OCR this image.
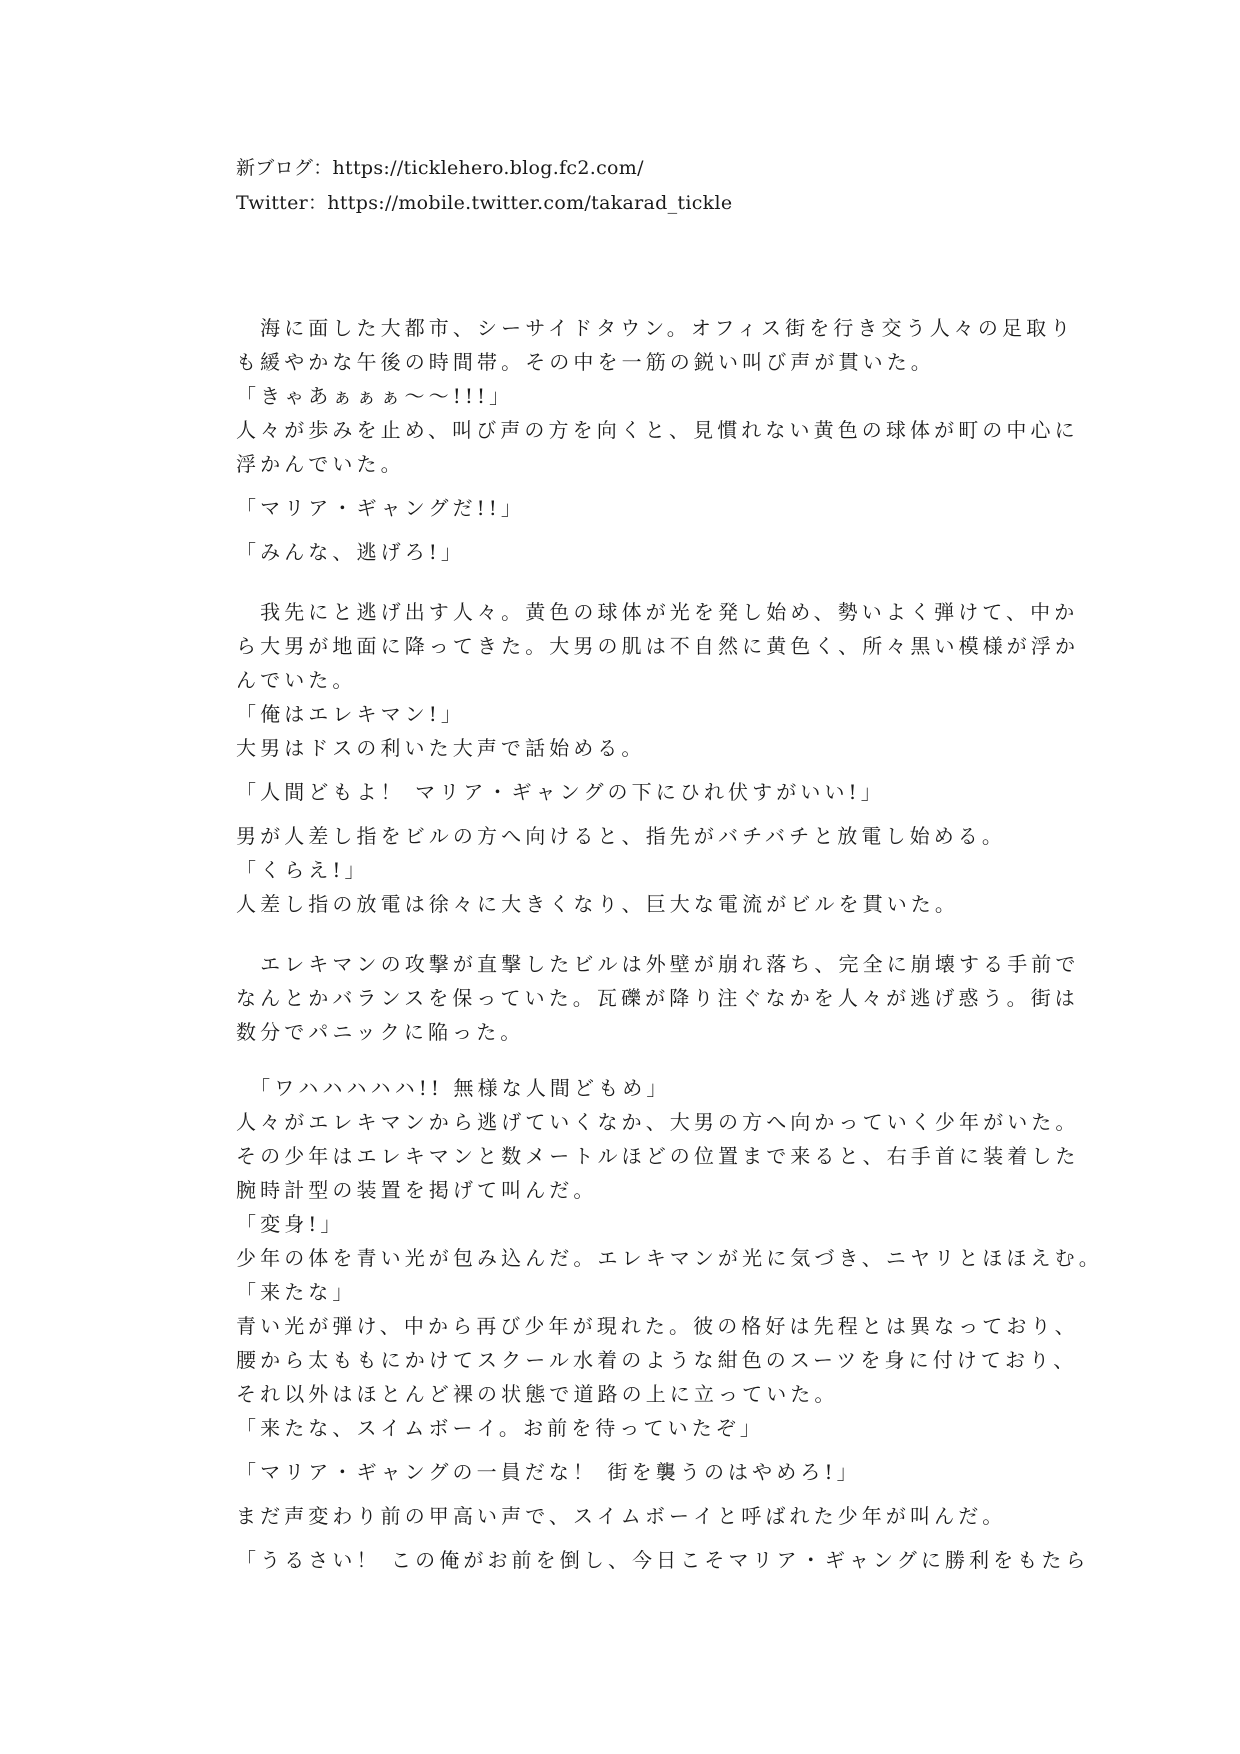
新ブログ：https://ticklehero.blog.fc2.com/
Twitter：https://mobile.twitter.com/takarad_tickle

　海に面した大都市、シーサイドタウン。オフィス街を行き交う人々の足取り

も緩やかな午後の時間帯。その中を一筋の鋭い叫び声が貫いた。

「きゃあぁぁぁ～～!!!」

人々が歩みを止め、叫び声の方を向くと、見慣れない黄色の球体が町の中心に

浮かんでいた。

「マリア・ギャングだ!!」

「みんな、逃げろ!」

　我先にと逃げ出す人々。黄色の球体が光を発し始め、勢いよく弾けて、中か

ら大男が地面に降ってきた。大男の肌は不自然に黄色く、所々黒い模様が浮か

んでいた。

「俺はエレキマン!」

大男はドスの利いた大声で話始める。

「人間どもよ！ マリア・ギャングの下にひれ伏すがいい!」

男が人差し指をビルの方へ向けると、指先がバチバチと放電し始める。

「くらえ!」

人差し指の放電は徐々に大きくなり、巨大な電流がビルを貫いた。

　エレキマンの攻撃が直撃したビルは外壁が崩れ落ち、完全に崩壊する手前で

なんとかバランスを保っていた。瓦礫が降り注ぐなかを人々が逃げ惑う。街は

数分でパニックに陥った。

　「ワハハハハハ!! 無様な人間どもめ」

人々がエレキマンから逃げていくなか、大男の方へ向かっていく少年がいた。

その少年はエレキマンと数メートルほどの位置まで来ると、右手首に装着した

腕時計型の装置を掲げて叫んだ。

「変身!」

少年の体を青い光が包み込んだ。エレキマンが光に気づき、ニヤリとほほえむ。

「来たな」

青い光が弾け、中から再び少年が現れた。彼の格好は先程とは異なっており、

腰から太ももにかけてスクール水着のような紺色のスーツを身に付けており、

それ以外はほとんど裸の状態で道路の上に立っていた。

「来たな、スイムボーイ。お前を待っていたぞ」

「マリア・ギャングの一員だな！ 街を襲うのはやめろ!」

まだ声変わり前の甲高い声で、スイムボーイと呼ばれた少年が叫んだ。

「うるさい！ この俺がお前を倒し、今日こそマリア・ギャングに勝利をもたら
